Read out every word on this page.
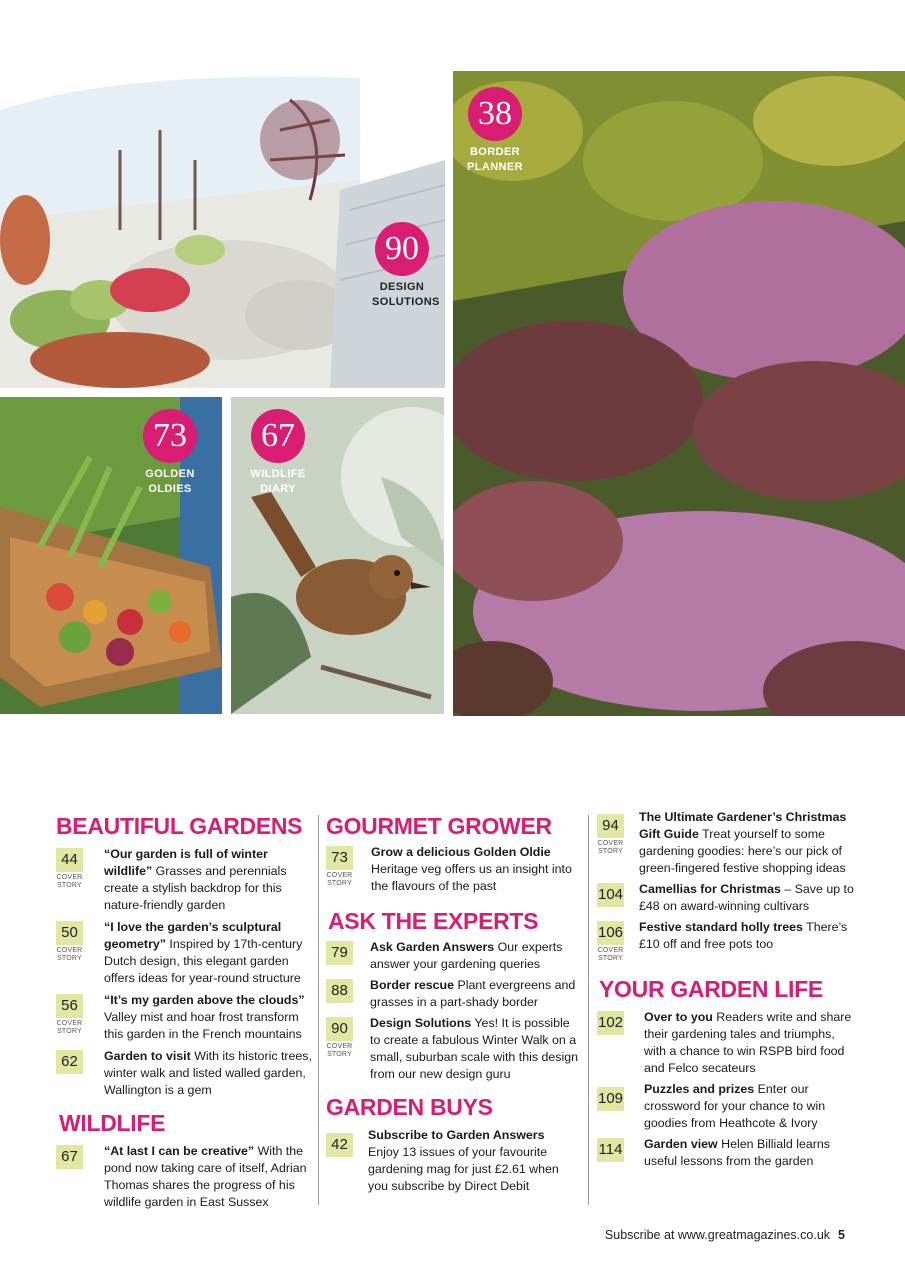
90
DESIGN
SOLUTIONS
73
GOLDEN
OLDIES
67
WILDLIFE
DIARY
38
BORDER
PLANNER
BEAUTIFUL GARDENS
44
COVER
STORY
“Our garden is full of winter wildlife” Grasses and perennials create a stylish backdrop for this nature-friendly garden
50
COVER
STORY
“I love the garden’s sculptural geometry” Inspired by 17th-century Dutch design, this elegant garden offers ideas for year-round structure
56
COVER
STORY
“It’s my garden above the clouds” Valley mist and hoar frost transform this garden in the French mountains
62	Garden to visit With its historic trees, winter walk and listed walled garden, Wallington is a gem
WILDLIFE
67	“At last I can be creative” With the pond now taking care of itself, Adrian Thomas shares the progress of his wildlife garden in East Sussex
GOURMET GROWER
73
COVER
STORY
Grow a delicious Golden Oldie Heritage veg offers us an insight into the flavours of the past
ASK THE EXPERTS
79	Ask Garden Answers Our experts answer your gardening queries
88	Border rescue Plant evergreens and grasses in a part-shady border
90
COVER
STORY
Design Solutions Yes! It is possible to create a fabulous Winter Walk on a small, suburban scale with this design from our new design guru
GARDEN BUYS
42
Subscribe to Garden Answers Enjoy 13 issues of your favourite gardening mag for just £2.61 when you subscribe by Direct Debit
94
COVER
STORY
The Ultimate Gardener’s Christmas Gift Guide Treat yourself to some gardening goodies: here’s our pick of green-fingered festive shopping ideas
104 Camellias for Christmas – Save up to £48 on award-winning cultivars
106
COVER
STORY
Festive standard holly trees There’s £10 off and free pots too
YOUR GARDEN LIFE
102 Over to you Readers write and share their gardening tales and triumphs, with a chance to win RSPB bird food and Felco secateurs
109
Puzzles and prizes Enter our crossword for your chance to win goodies from Heathcote & Ivory
114 Garden view Helen Billiald learns useful lessons from the garden
Subscribe at www.greatmagazines.co.uk 5
